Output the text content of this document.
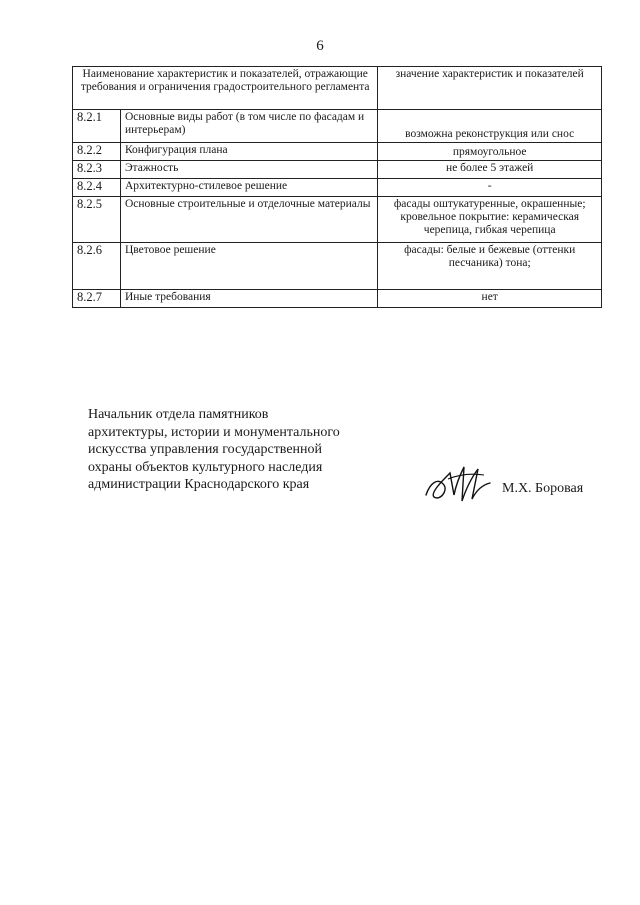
6
Наименование характеристик и показателей, отражающие требования и ограничения градостроительного регламента		значение характеристик и показателей
8.2.1	Основные виды работ (в том числе по фасадам и интерьерам)	возможна реконструкция или снос
8.2.2	Конфигурация плана	прямоугольное
8.2.3	Этажность	не более 5 этажей
8.2.4	Архитектурно-стилевое решение	-
8.2.5	Основные строительные и отделочные материалы	фасады оштукатуренные, окрашенные; кровельное покрытие: керамическая черепица, гибкая черепица
8.2.6	Цветовое решение	фасады: белые и бежевые (оттенки песчаника) тона;
8.2.7	Иные требования	нет
Начальник отдела памятников
архитектуры, истории и монументального
искусства управления государственной
охраны объектов культурного наследия
администрации Краснодарского края	М.Х. Боровая
